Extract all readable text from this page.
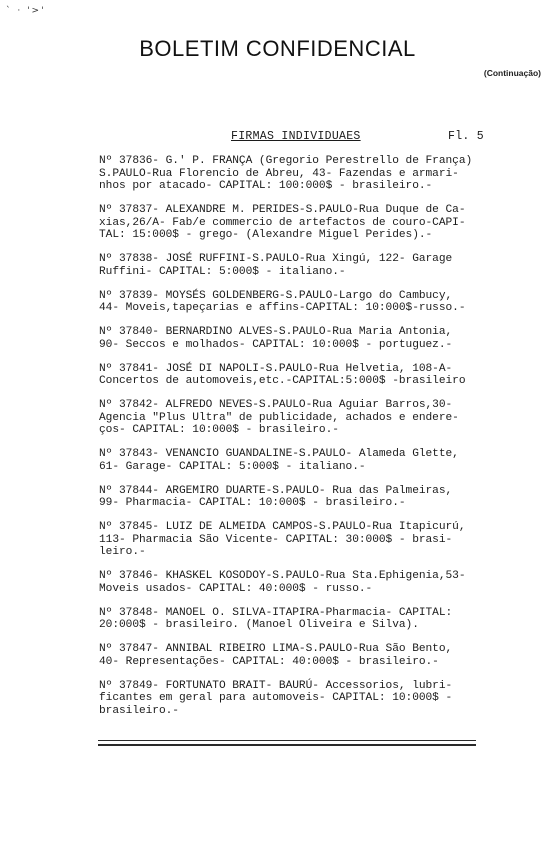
` · '>'
BOLETIM CONFIDENCIAL
(Continuação)
FIRMAS INDIVIDUAES	Fl. 5
Nº 37836- G.' P. FRANÇA (Gregorio Perestrello de França)
S.PAULO-Rua Florencio de Abreu, 43- Fazendas e armari-
nhos por atacado- CAPITAL: 100:000$ - brasileiro.-
Nº 37837- ALEXANDRE M. PERIDES-S.PAULO-Rua Duque de Ca-
xias,26/A- Fab/e commercio de artefactos de couro-CAPI-
TAL: 15:000$ - grego- (Alexandre Miguel Perides).-
Nº 37838- JOSÉ RUFFINI-S.PAULO-Rua Xingú, 122- Garage
Ruffini- CAPITAL: 5:000$ - italiano.-
Nº 37839- MOYSÉS GOLDENBERG-S.PAULO-Largo do Cambucy,
44- Moveis,tapeçarias e affins-CAPITAL: 10:000$-russo.-
Nº 37840- BERNARDINO ALVES-S.PAULO-Rua Maria Antonia,
90- Seccos e molhados- CAPITAL: 10:000$ - portuguez.-
Nº 37841- JOSÉ DI NAPOLI-S.PAULO-Rua Helvetia, 108-A-
Concertos de automoveis,etc.-CAPITAL:5:000$ -brasileiro
Nº 37842- ALFREDO NEVES-S.PAULO-Rua Aguiar Barros,30-
Agencia "Plus Ultra" de publicidade, achados e endere-
ços- CAPITAL: 10:000$ - brasileiro.-
Nº 37843- VENANCIO GUANDALINE-S.PAULO- Alameda Glette,
61- Garage- CAPITAL: 5:000$ - italiano.-
Nº 37844- ARGEMIRO DUARTE-S.PAULO- Rua das Palmeiras,
99- Pharmacia- CAPITAL: 10:000$ - brasileiro.-
Nº 37845- LUIZ DE ALMEIDA CAMPOS-S.PAULO-Rua Itapicurú,
113- Pharmacia São Vicente- CAPITAL: 30:000$ - brasi-
leiro.-
Nº 37846- KHASKEL KOSODOY-S.PAULO-Rua Sta.Ephigenia,53-
Moveis usados- CAPITAL: 40:000$ - russo.-
Nº 37848- MANOEL O. SILVA-ITAPIRA-Pharmacia- CAPITAL:
20:000$ - brasileiro. (Manoel Oliveira e Silva).
Nº 37847- ANNIBAL RIBEIRO LIMA-S.PAULO-Rua São Bento,
40- Representações- CAPITAL: 40:000$ - brasileiro.-
Nº 37849- FORTUNATO BRAIT- BAURÚ- Accessorios, lubri-
ficantes em geral para automoveis- CAPITAL: 10:000$ -
brasileiro.-
